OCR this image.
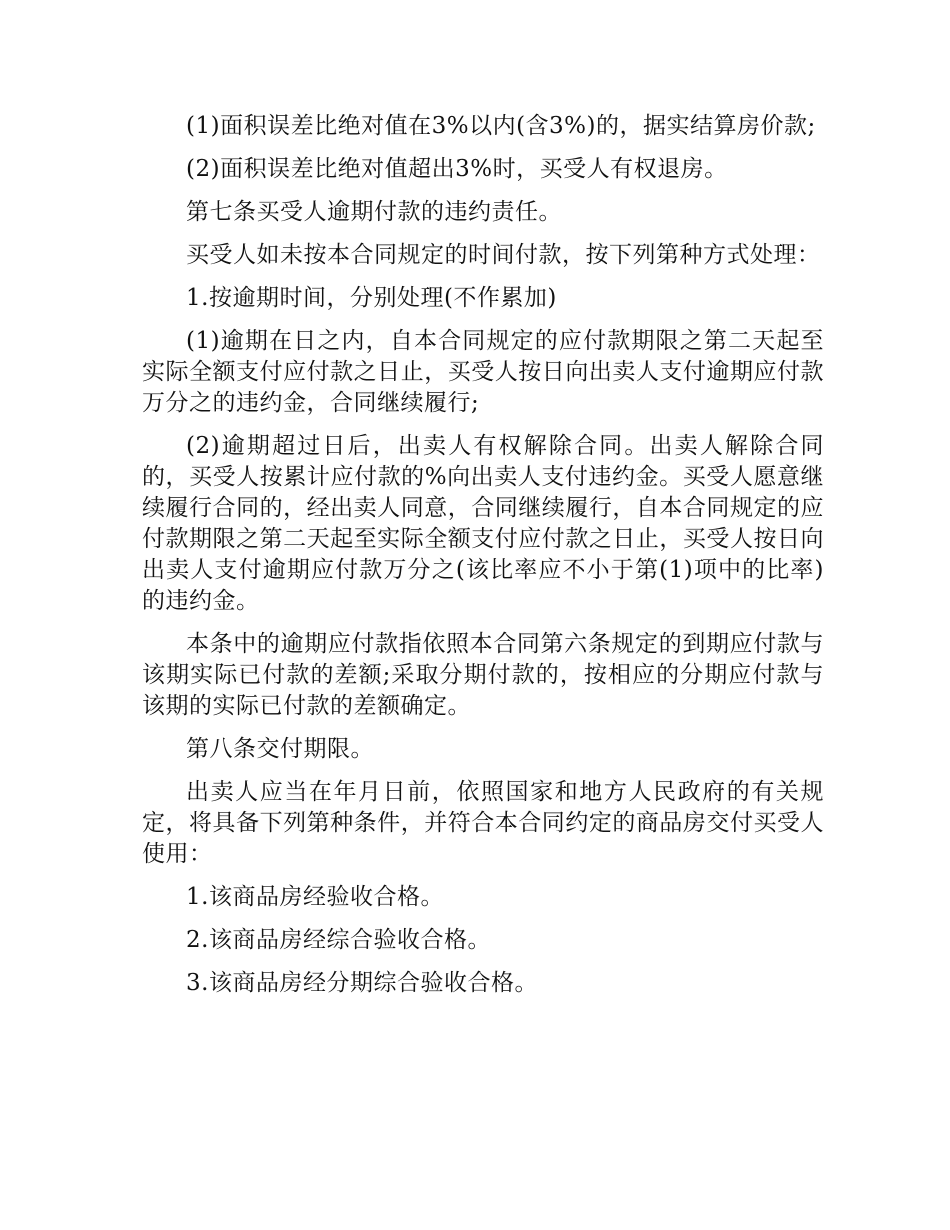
(1)面积误差比绝对值在3%以内(含3%)的，据实结算房价款;

(2)面积误差比绝对值超出3%时，买受人有权退房。

第七条买受人逾期付款的违约责任。

买受人如未按本合同规定的时间付款，按下列第种方式处理：

1.按逾期时间，分别处理(不作累加)

(1)逾期在日之内，自本合同规定的应付款期限之第二天起至实际全额支付应付款之日止，买受人按日向出卖人支付逾期应付款万分之的违约金，合同继续履行;

(2)逾期超过日后，出卖人有权解除合同。出卖人解除合同的，买受人按累计应付款的%向出卖人支付违约金。买受人愿意继续履行合同的，经出卖人同意，合同继续履行，自本合同规定的应付款期限之第二天起至实际全额支付应付款之日止，买受人按日向出卖人支付逾期应付款万分之(该比率应不小于第(1)项中的比率)的违约金。

本条中的逾期应付款指依照本合同第六条规定的到期应付款与该期实际已付款的差额;采取分期付款的，按相应的分期应付款与该期的实际已付款的差额确定。

第八条交付期限。

出卖人应当在年月日前，依照国家和地方人民政府的有关规定，将具备下列第种条件，并符合本合同约定的商品房交付买受人使用：

1.该商品房经验收合格。

2.该商品房经综合验收合格。

3.该商品房经分期综合验收合格。
